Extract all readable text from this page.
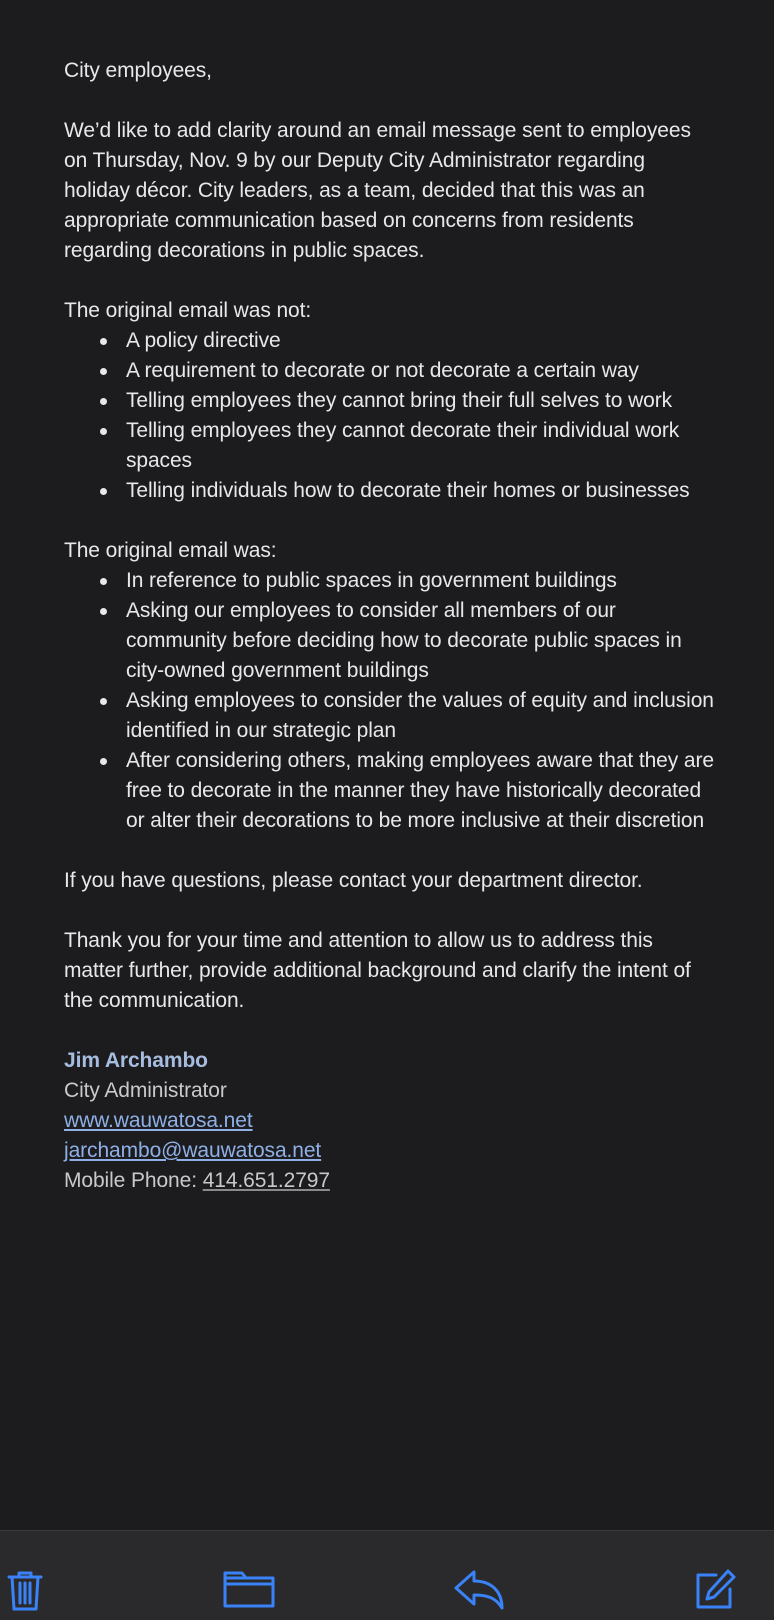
City employees,

We’d like to add clarity around an email message sent to employees on Thursday, Nov. 9 by our Deputy City Administrator regarding holiday décor. City leaders, as a team, decided that this was an appropriate communication based on concerns from residents regarding decorations in public spaces.

The original email was not:

A policy directive
A requirement to decorate or not decorate a certain way
Telling employees they cannot bring their full selves to work
Telling employees they cannot decorate their individual work spaces
Telling individuals how to decorate their homes or businesses

The original email was:

In reference to public spaces in government buildings
Asking our employees to consider all members of our community before deciding how to decorate public spaces in city-owned government buildings
Asking employees to consider the values of equity and inclusion identified in our strategic plan
After considering others, making employees aware that they are free to decorate in the manner they have historically decorated or alter their decorations to be more inclusive at their discretion

If you have questions, please contact your department director.

Thank you for your time and attention to allow us to address this matter further, provide additional background and clarify the intent of the communication.

Jim Archambo
City Administrator
www.wauwatosa.net
jarchambo@wauwatosa.net
Mobile Phone: 414.651.2797
